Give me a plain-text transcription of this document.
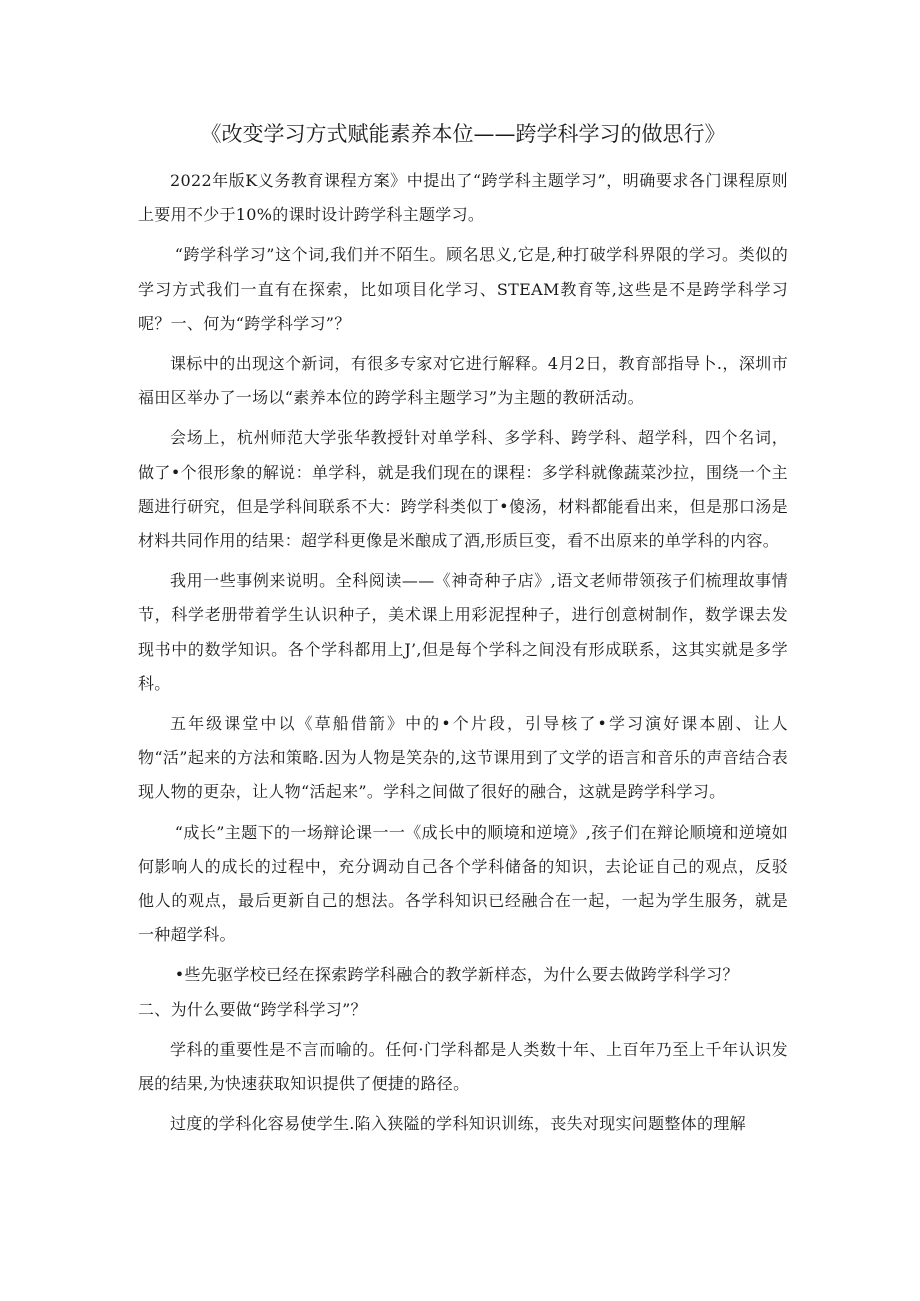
《改变学习方式赋能素养本位——跨学科学习的做思行》

2022年版K义务教育课程方案》中提出了“跨学科主题学习”，明确要求各门课程原则上要用不少于10%的课时设计跨学科主题学习。

“跨学科学习”这个词,我们并不陌生。顾名思义,它是,种打破学科界限的学习。类似的学习方式我们一直有在探索，比如项目化学习、STEAM教育等,这些是不是跨学科学习呢？一、何为“跨学科学习”？

课标中的出现这个新词，有很多专家对它进行解释。4月2日，教育部指导卜.，深圳市福田区举办了一场以“素养本位的跨学科主题学习”为主题的教研活动。

会场上，杭州师范大学张华教授针对单学科、多学科、跨学科、超学科，四个名词，做了•个很形象的解说：单学科，就是我们现在的课程：多学科就像蔬菜沙拉，围绕一个主题进行研究，但是学科间联系不大：跨学科类似丁•傻汤，材料都能看出来，但是那口汤是材料共同作用的结果：超学科更像是米酿成了酒,形质巨变，看不出原来的单学科的内容。

我用一些事例来说明。全科阅读——《神奇种子店》,语文老师带领孩子们梳理故事情节，科学老册带着学生认识种子，美术课上用彩泥捏种子，进行创意树制作，数学课去发现书中的数学知识。各个学科都用上J’,但是每个学科之间没有形成联系，这其实就是多学科。

五年级课堂中以《草船借箭》中的•个片段，引导核了•学习演好课本剧、让人物“活”起来的方法和策略.因为人物是笑杂的,这节课用到了文学的语言和音乐的声音结合表现人物的更杂，让人物“活起来”。学科之间做了很好的融合，这就是跨学科学习。

“成长”主题下的一场辩论课一一《成长中的顺境和逆境》,孩子们在辩论顺境和逆境如何影响人的成长的过程中，充分调动自己各个学科储备的知识，去论证自己的观点，反驳他人的观点，最后更新自己的想法。各学科知识已经融合在一起，一起为学生服务，就是一种超学科。

•些先驱学校已经在探索跨学科融合的教学新样态，为什么要去做跨学科学习？

二、为什么要做“跨学科学习”？

学科的重要性是不言而喻的。任何·门学科都是人类数十年、上百年乃至上千年认识发展的结果,为快速获取知识提供了便捷的路径。

过度的学科化容易使学生.陷入狭隘的学科知识训练，丧失对现实问题整体的理解
